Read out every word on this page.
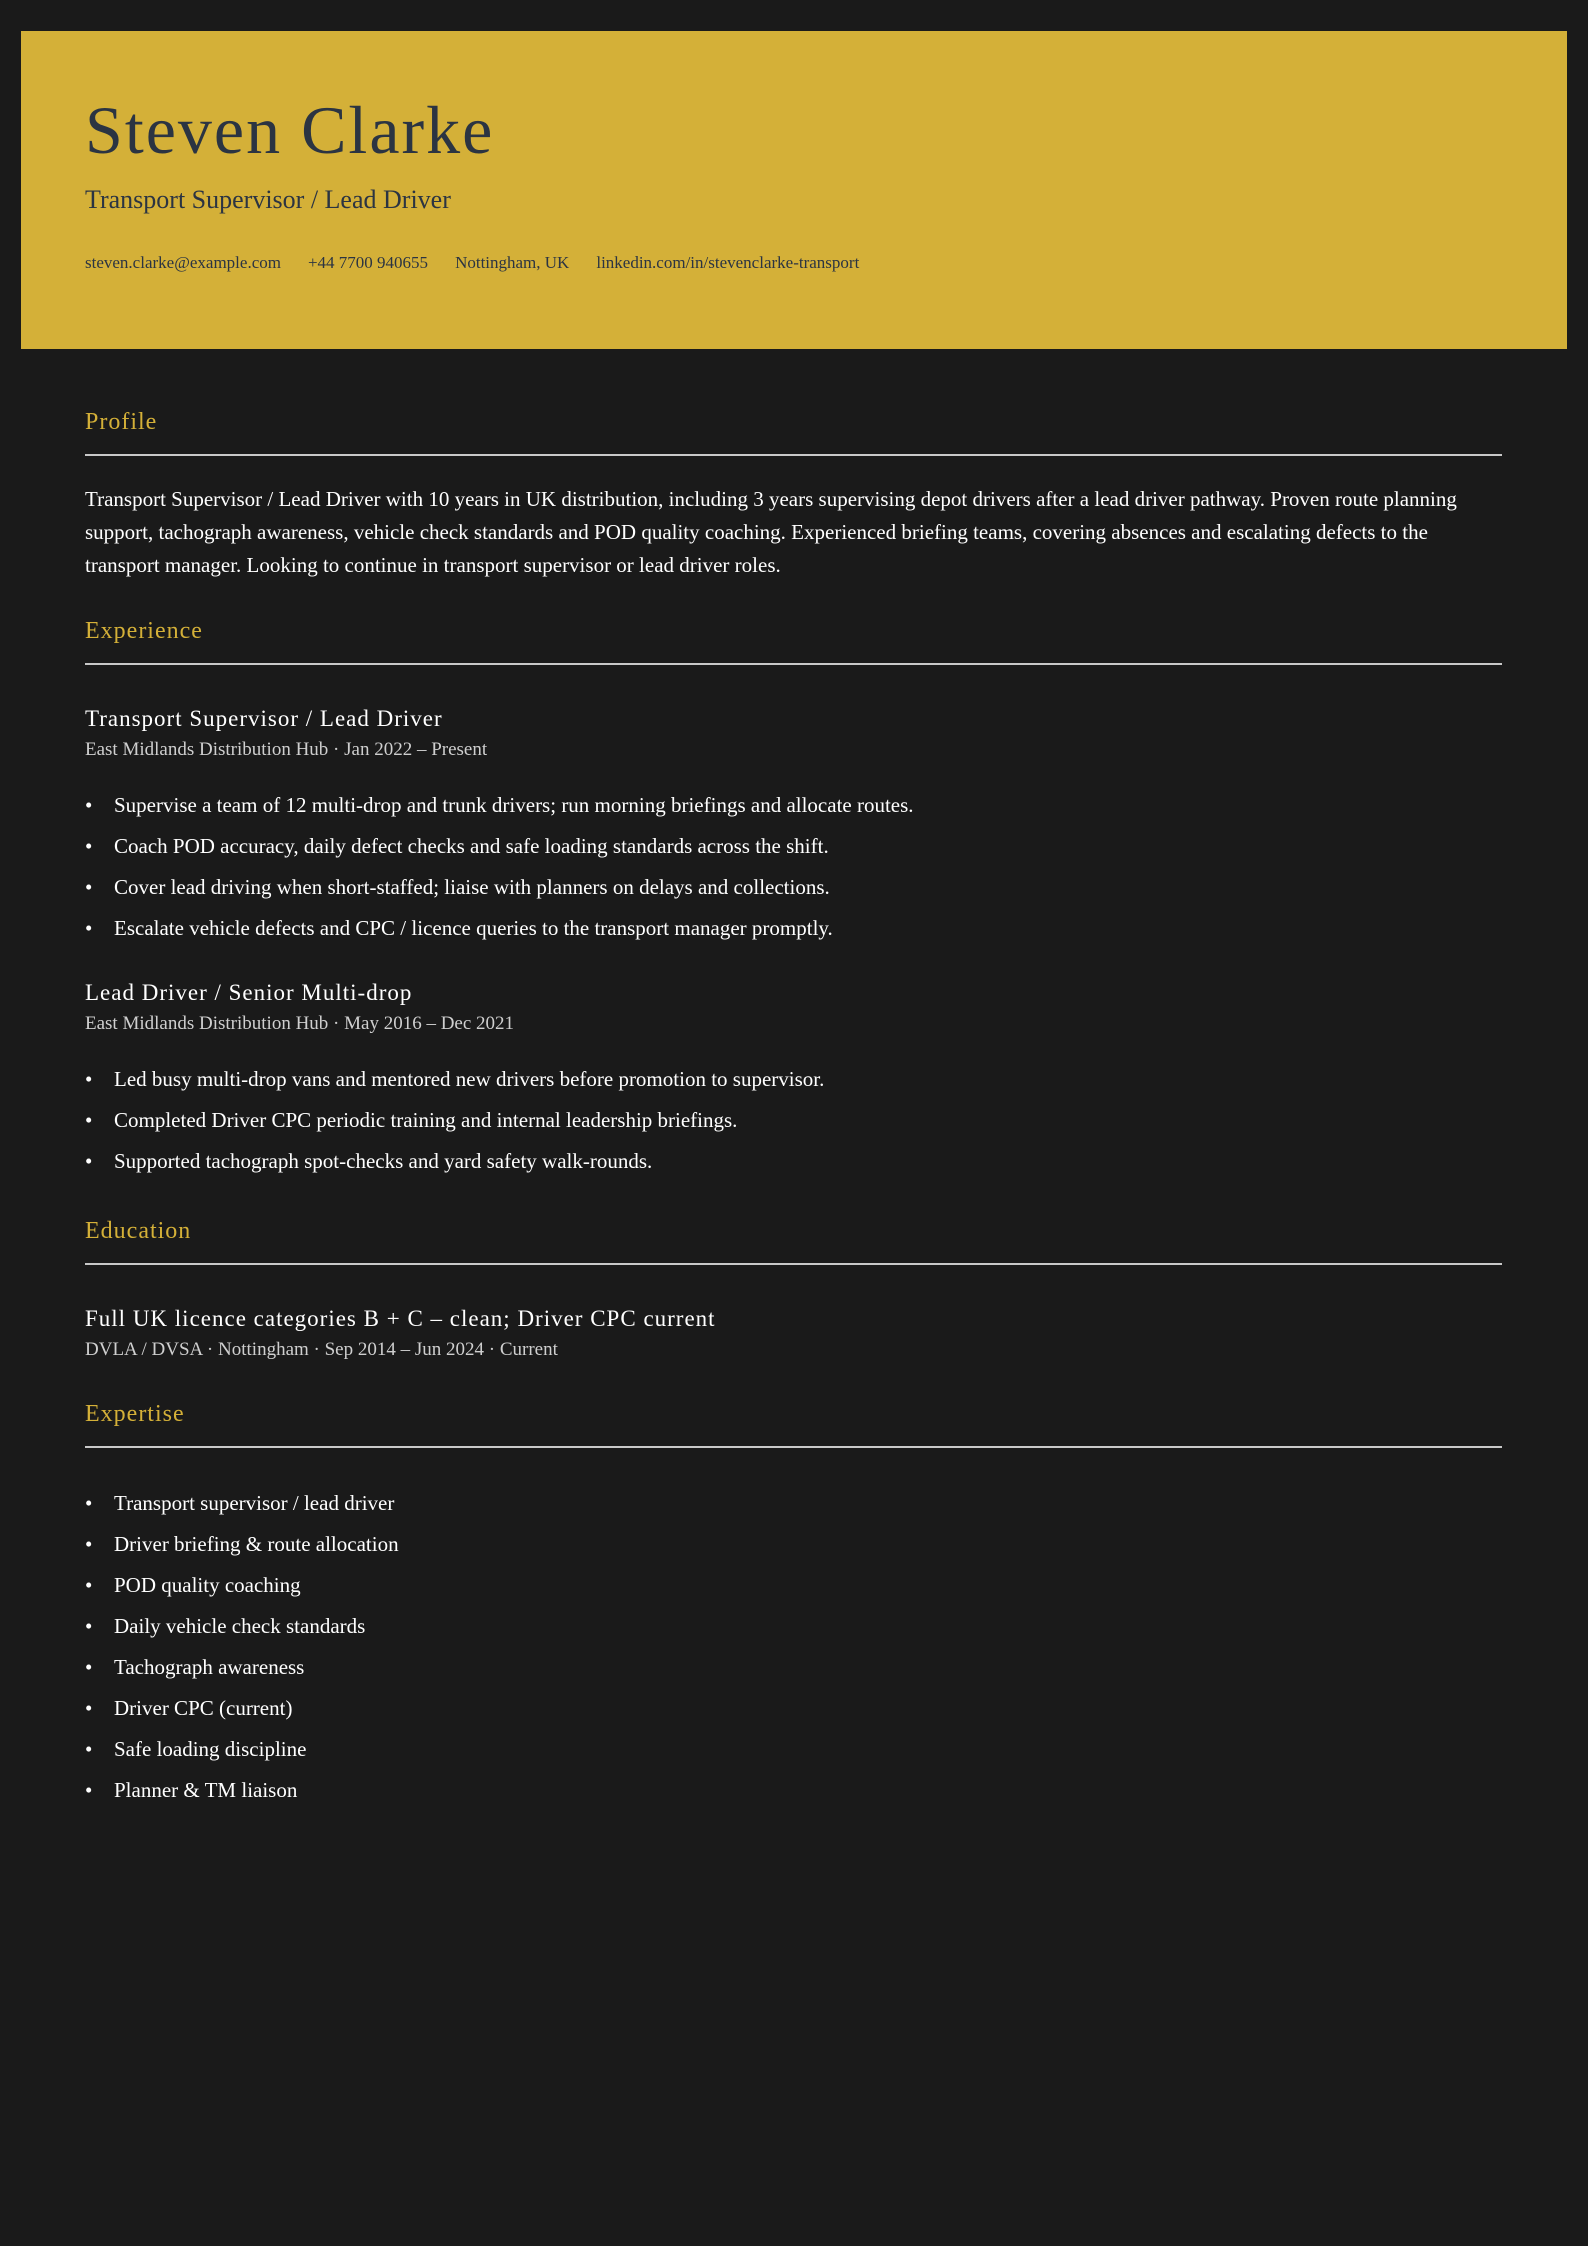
Steven Clarke
Transport Supervisor / Lead Driver
steven.clarke@example.com +44 7700 940655 Nottingham, UK linkedin.com/in/stevenclarke-transport
Profile

Transport Supervisor / Lead Driver with 10 years in UK distribution, including 3 years supervising depot drivers after a lead driver pathway. Proven route planning support, tachograph awareness, vehicle check standards and POD quality coaching. Experienced briefing teams, covering absences and escalating defects to the transport manager. Looking to continue in transport supervisor or lead driver roles.

Experience
Transport Supervisor / Lead Driver
East Midlands Distribution Hub · Jan 2022 – Present
• Supervise a team of 12 multi-drop and trunk drivers; run morning briefings and allocate routes.
• Coach POD accuracy, daily defect checks and safe loading standards across the shift.
• Cover lead driving when short-staffed; liaise with planners on delays and collections.
• Escalate vehicle defects and CPC / licence queries to the transport manager promptly.
Lead Driver / Senior Multi-drop
East Midlands Distribution Hub · May 2016 – Dec 2021
• Led busy multi-drop vans and mentored new drivers before promotion to supervisor.
• Completed Driver CPC periodic training and internal leadership briefings.
• Supported tachograph spot-checks and yard safety walk-rounds.
Education
Full UK licence categories B + C – clean; Driver CPC current
DVLA / DVSA · Nottingham · Sep 2014 – Jun 2024 · Current
Expertise
• Transport supervisor / lead driver
• Driver briefing & route allocation
• POD quality coaching
• Daily vehicle check standards
• Tachograph awareness
• Driver CPC (current)
• Safe loading discipline
• Planner & TM liaison
